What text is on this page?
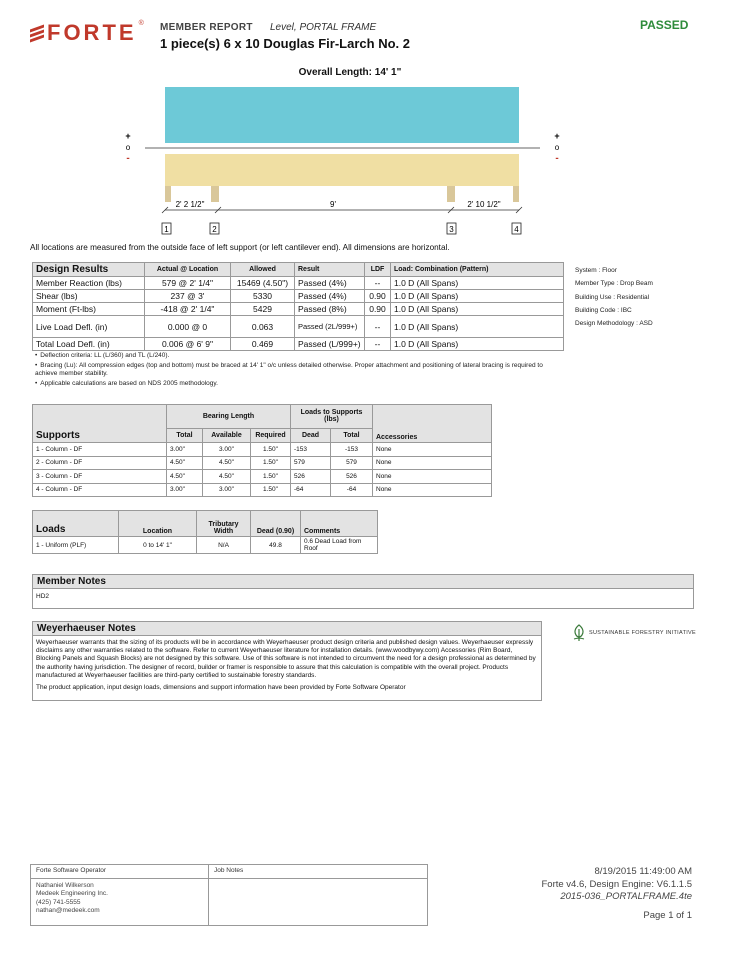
FORTE ® MEMBER REPORT Level, PORTAL FRAME
1 piece(s) 6 x 10 Douglas Fir-Larch No. 2
PASSED
Overall Length: 14' 1"
2' 2 1/2"	9'	2' 10 1/2"
1	2	3	4
+
o
-
+
o
-
All locations are measured from the outside face of left support (or left cantilever end). All dimensions are horizontal.
Design Results	Actual @ Location	Allowed	Result	LDF	Load: Combination (Pattern)
Member Reaction (lbs)	579 @ 2' 1/4"	15469 (4.50")	Passed (4%)	--	1.0 D (All Spans)
Shear (lbs)	237 @ 3'	5330	Passed (4%)	0.90	1.0 D (All Spans)
Moment (Ft-lbs)	-418 @ 2' 1/4"	5429	Passed (8%)	0.90	1.0 D (All Spans)
Live Load Defl. (in)	0.000 @ 0	0.063	Passed (2L/999+)	--	1.0 D (All Spans)
Total Load Defl. (in)	0.006 @ 6' 9"	0.469	Passed (L/999+)	--	1.0 D (All Spans)

• Deflection criteria: LL (L/360) and TL (L/240).

• Bracing (Lu): All compression edges (top and bottom) must be braced at 14' 1" o/c unless detailed otherwise. Proper attachment and positioning of lateral bracing is required to achieve member stability.

• Applicable calculations are based on NDS 2005 methodology.

System : Floor
Member Type : Drop Beam
Building Use : Residential
Building Code : IBC
Design Methodology : ASD
Supports	Bearing Length			Loads to Supports (lbs)		Accessories
	Total	Available	Required	Dead	Total	
1 - Column - DF	3.00"	3.00"	1.50"	-153	-153	None
2 - Column - DF	4.50"	4.50"	1.50"	579	579	None
3 - Column - DF	4.50"	4.50"	1.50"	526	526	None
4 - Column - DF	3.00"	3.00"	1.50"	-64	-64	None
Loads	Location	Tributary Width	Dead (0.90)	Comments
1 - Uniform (PLF)	0 to 14' 1"	N/A	49.8	0.6 Dead Load from Roof
Member Notes
HD2
Weyerhaeuser Notes

Weyerhaeuser warrants that the sizing of its products will be in accordance with Weyerhaeuser product design criteria and published design values. Weyerhaeuser expressly disclaims any other warranties related to the software. Refer to current Weyerhaeuser literature for installation details. (www.woodbywy.com) Accessories (Rim Board, Blocking Panels and Squash Blocks) are not designed by this software. Use of this software is not intended to circumvent the need for a design professional as determined by the authority having jurisdiction. The designer of record, builder or framer is responsible to assure that this calculation is compatible with the overall project. Products manufactured at Weyerhaeuser facilities are third-party certified to sustainable forestry standards.

The product application, input design loads, dimensions and support information have been provided by Forte Software Operator

SUSTAINABLE FORESTRY INITIATIVE
Forte Software Operator
Nathaniel Wilkerson
Medeek Engineering Inc.
(425) 741-5555
nathan@medeek.com
Job Notes	8/19/2015 11:49:00 AM
Forte v4.6, Design Engine: V6.1.1.5
2015-036_PORTALFRAME.4te
Page 1 of 1
